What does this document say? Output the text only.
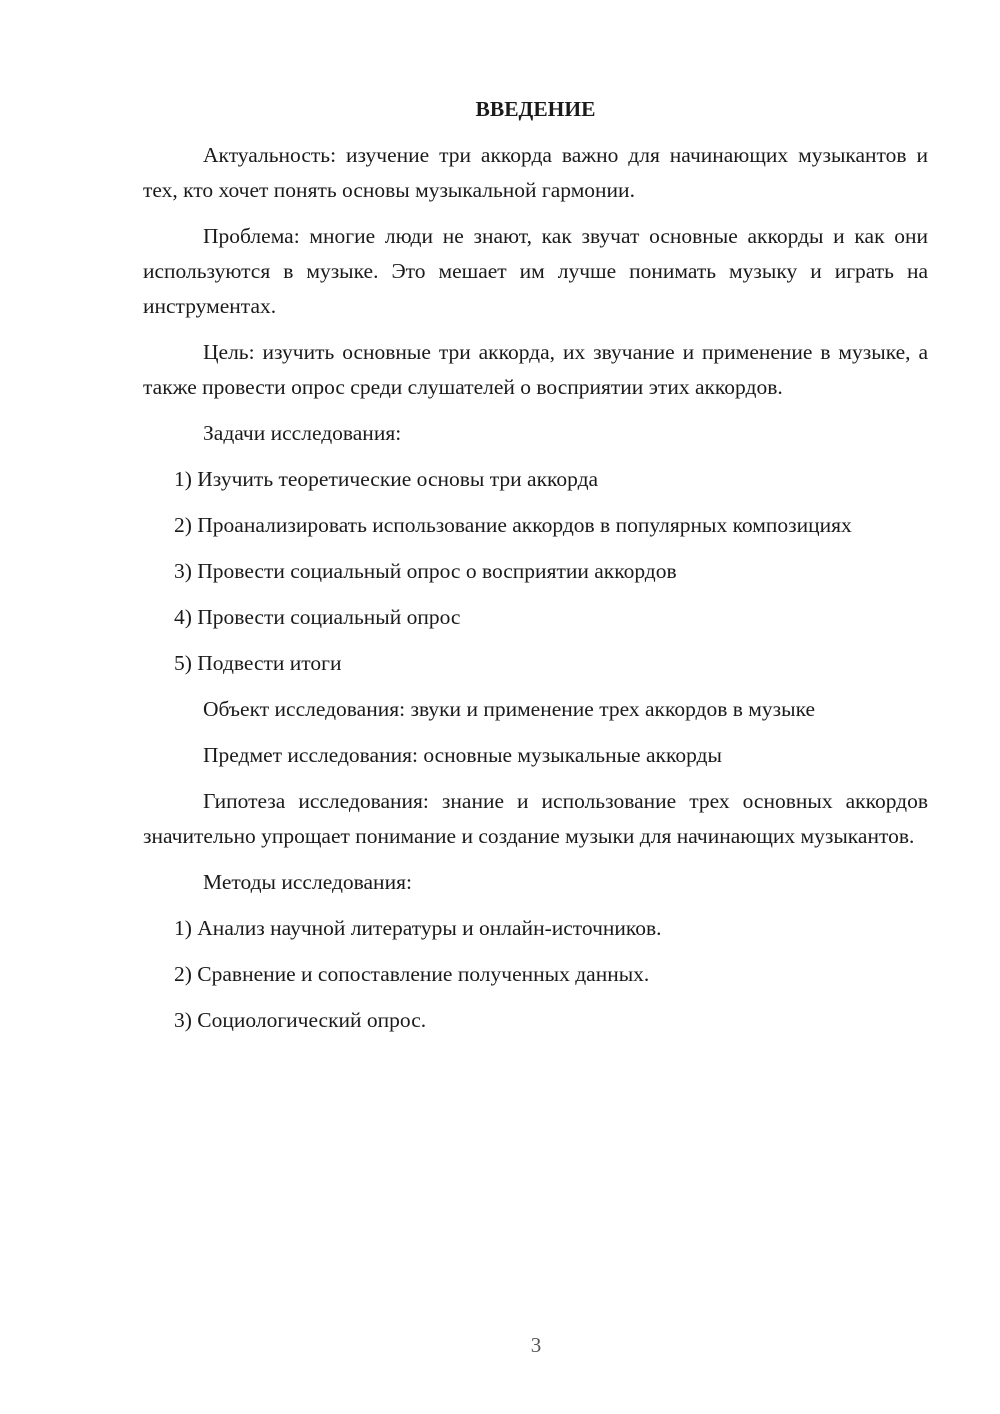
ВВЕДЕНИЕ

Актуальность: изучение три аккорда важно для начинающих музыкантов и тех, кто хочет понять основы музыкальной гармонии.

Проблема: многие люди не знают, как звучат основные аккорды и как они используются в музыке. Это мешает им лучше понимать музыку и играть на инструментах.

Цель: изучить основные три аккорда, их звучание и применение в музыке, а также провести опрос среди слушателей о восприятии этих аккордов.

Задачи исследования:

1) Изучить теоретические основы три аккорда

2) Проанализировать использование аккордов в популярных композициях

3) Провести социальный опрос о восприятии аккордов

4) Провести социальный опрос

5) Подвести итоги

Объект исследования: звуки и применение трех аккордов в музыке

Предмет исследования: основные музыкальные аккорды

Гипотеза исследования: знание и использование трех основных аккордов значительно упрощает понимание и создание музыки для начинающих музыкантов.

Методы исследования:

1) Анализ научной литературы и онлайн-источников.

2) Сравнение и сопоставление полученных данных.

3) Социологический опрос.

3
